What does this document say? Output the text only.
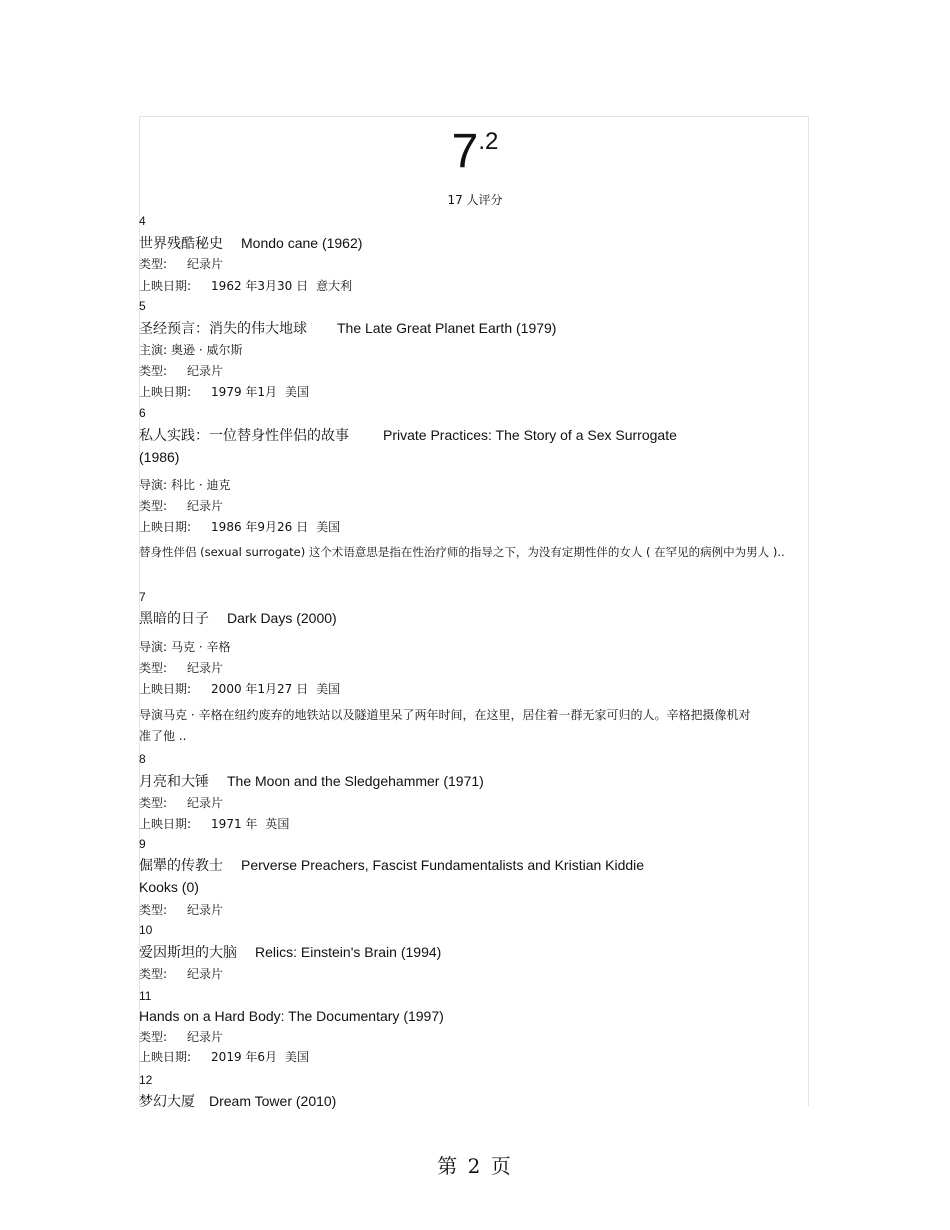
7.2
17 人评分
4
世界残酷秘史 Mondo cane (1962)
类型: 纪录片
上映日期: 1962 年3月30 日 意大利
5
圣经预言：消失的伟大地球 The Late Great Planet Earth (1979)
主演: 奥逊 · 威尔斯
类型: 纪录片
上映日期: 1979 年1月 美国
6
私人实践：一位替身性伴侣的故事 Private Practices: The Story of a Sex Surrogate
(1986)
导演: 科比 · 迪克
类型: 纪录片
上映日期: 1986 年9月26 日 美国
替身性伴侣 (sexual surrogate) 这个术语意思是指在性治疗师的指导之下，为没有定期性伴的女人 ( 在罕见的病例中为男人 )..
7
黑暗的日子 Dark Days (2000)
导演: 马克 · 辛格
类型: 纪录片
上映日期: 2000 年1月27 日 美国
导演马克 · 辛格在纽约废弃的地铁站以及隧道里呆了两年时间，在这里，居住着一群无家可归的人。辛格把摄像机对准了他 ..
8
月亮和大锤 The Moon and the Sledgehammer (1971)
类型: 纪录片
上映日期: 1971 年 英国
9
倔犟的传教士 Perverse Preachers, Fascist Fundamentalists and Kristian Kiddie
Kooks (0)
类型: 纪录片
10
爱因斯坦的大脑 Relics: Einstein's Brain (1994)
类型: 纪录片
11
Hands on a Hard Body: The Documentary (1997)
类型: 纪录片
上映日期: 2019 年6月 美国
12
梦幻大厦 Dream Tower (2010)
第 2 页
